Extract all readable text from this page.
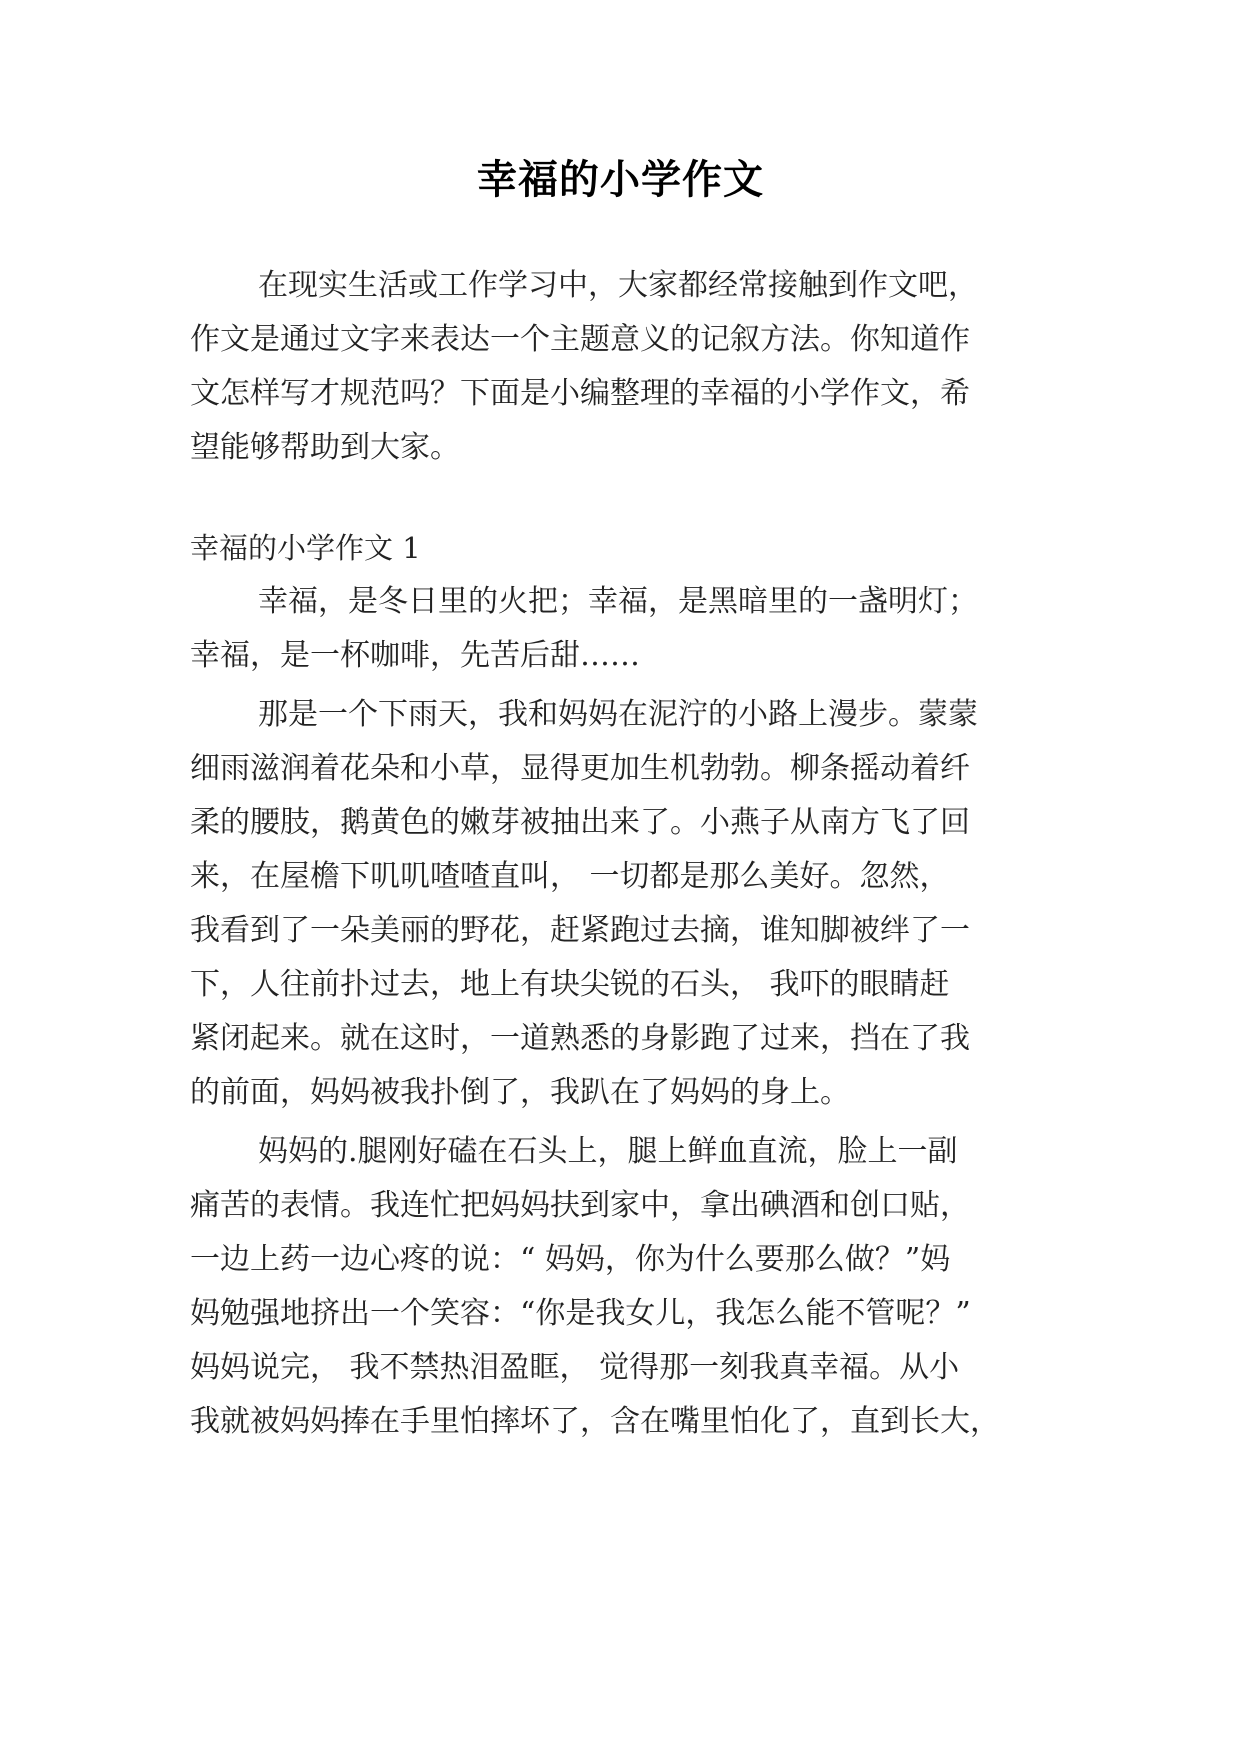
幸福的小学作文
在现实生活或工作学习中，大家都经常接触到作文吧，
作文是通过文字来表达一个主题意义的记叙方法。你知道作
文怎样写才规范吗？下面是小编整理的幸福的小学作文，希
望能够帮助到大家。
幸福的小学作文 1
幸福，是冬日里的火把；幸福，是黑暗里的一盏明灯；
幸福，是一杯咖啡，先苦后甜……
那是一个下雨天，我和妈妈在泥泞的小路上漫步。蒙蒙
细雨滋润着花朵和小草，显得更加生机勃勃。柳条摇动着纤
柔的腰肢，鹅黄色的嫩芽被抽出来了。小燕子从南方飞了回
来，在屋檐下叽叽喳喳直叫， 一切都是那么美好。忽然，
我看到了一朵美丽的野花，赶紧跑过去摘，谁知脚被绊了一
下，人往前扑过去，地上有块尖锐的石头， 我吓的眼睛赶
紧闭起来。就在这时，一道熟悉的身影跑了过来，挡在了我
的前面，妈妈被我扑倒了，我趴在了妈妈的身上。
妈妈的.腿刚好磕在石头上，腿上鲜血直流，脸上一副
痛苦的表情。我连忙把妈妈扶到家中，拿出碘酒和创口贴，
一边上药一边心疼的说：“ 妈妈，你为什么要那么做？”妈
妈勉强地挤出一个笑容：“你是我女儿，我怎么能不管呢？”
妈妈说完， 我不禁热泪盈眶， 觉得那一刻我真幸福。从小
我就被妈妈捧在手里怕摔坏了，含在嘴里怕化了，直到长大，
